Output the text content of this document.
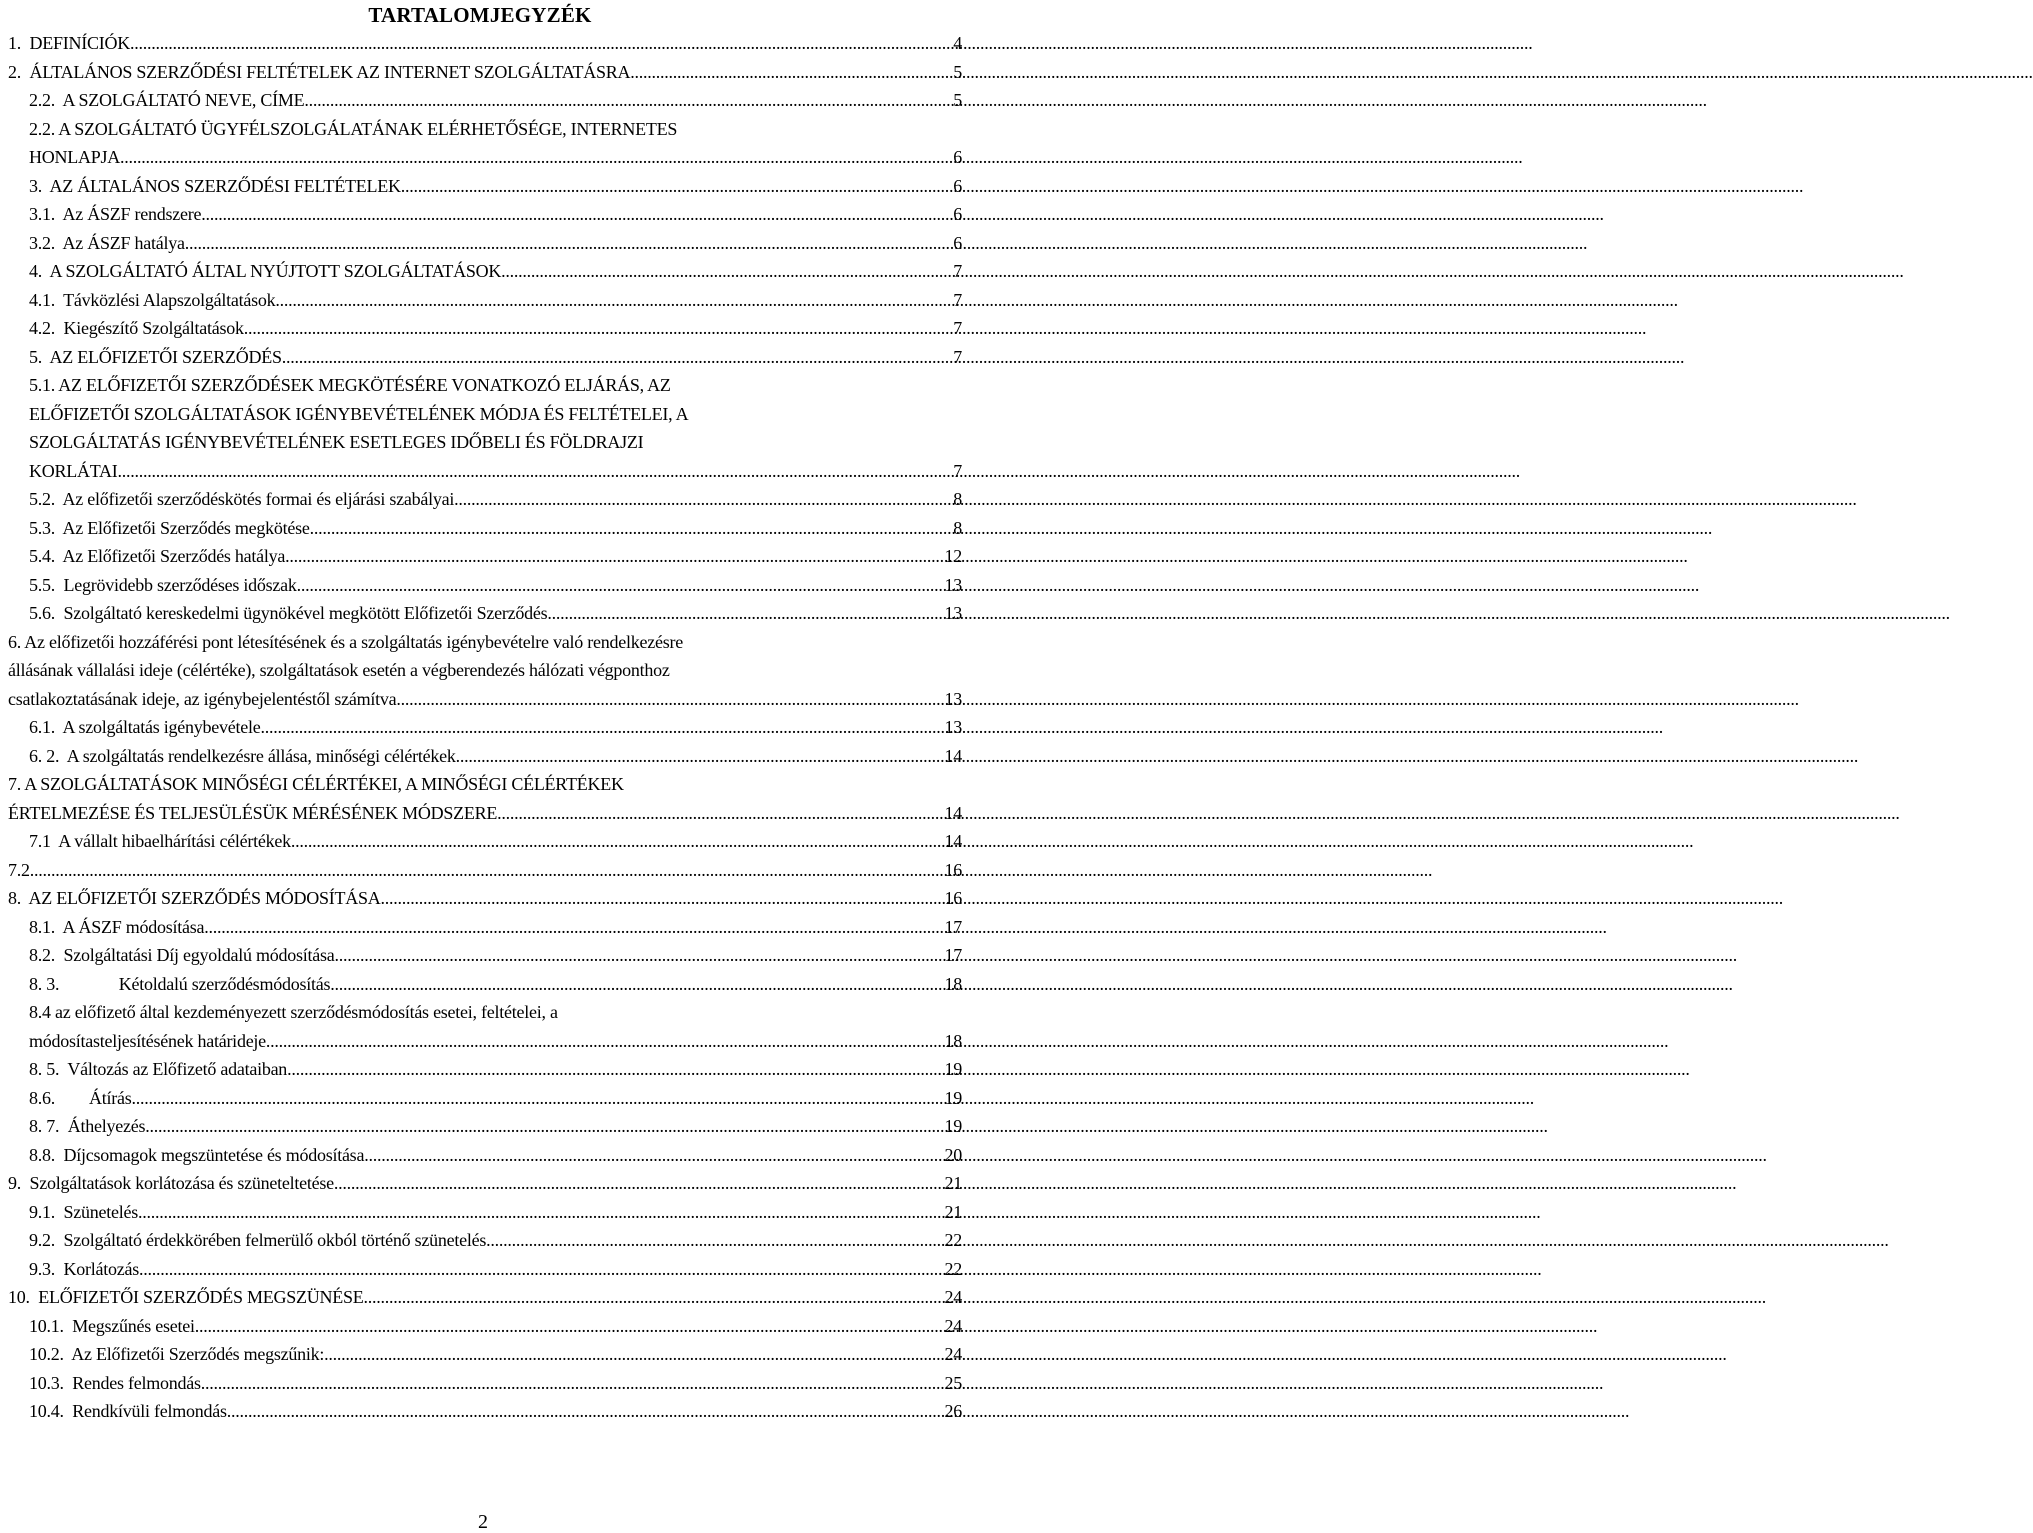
TARTALOMJEGYZÉK
1.  DEFINÍCIÓK .....	4
2.  ÁLTALÁNOS SZERZŐDÉSI FELTÉTELEK AZ INTERNET SZOLGÁLTATÁSRA .....	5
2.2.  A SZOLGÁLTATÓ NEVE, CÍME .....	5
2.2. A SZOLGÁLTATÓ ÜGYFÉLSZOLGÁLATÁNAK ELÉRHETŐSÉGE, INTERNETES
HONLAPJA .....	6
3.  AZ ÁLTALÁNOS SZERZŐDÉSI FELTÉTELEK .....	6
3.1.  Az ÁSZF rendszere .....	6
3.2.  Az ÁSZF hatálya .....	6
4.  A SZOLGÁLTATÓ ÁLTAL NYÚJTOTT SZOLGÁLTATÁSOK .....	7
4.1.  Távközlési Alapszolgáltatások .....	7
4.2.  Kiegészítő Szolgáltatások .....	7
5.  AZ ELŐFIZETŐI SZERZŐDÉS .....	7
5.1. AZ ELŐFIZETŐI SZERZŐDÉSEK MEGKÖTÉSÉRE VONATKOZÓ ELJÁRÁS, AZ
ELŐFIZETŐI SZOLGÁLTATÁSOK IGÉNYBEVÉTELÉNEK MÓDJA ÉS FELTÉTELEI, A
SZOLGÁLTATÁS IGÉNYBEVÉTELÉNEK ESETLEGES IDŐBELI ÉS FÖLDRAJZI
KORLÁTAI .....	7
5.2.  Az előfizetői szerződéskötés formai és eljárási szabályai .....	8
5.3.  Az Előfizetői Szerződés megkötése .....	8
5.4.  Az Előfizetői Szerződés hatálya .....	12
5.5.  Legrövidebb szerződéses időszak .....	13
5.6.  Szolgáltató kereskedelmi ügynökével megkötött Előfizetői Szerződés .....	13
6. Az előfizetői hozzáférési pont létesítésének és a szolgáltatás igénybevételre való rendelkezésre
állásának vállalási ideje (célértéke), szolgáltatások esetén a végberendezés hálózati végponthoz
csatlakoztatásának ideje, az igénybejelentéstől számítva .....	13
6.1.  A szolgáltatás igénybevétele .....	13
6. 2.  A szolgáltatás rendelkezésre állása, minőségi célértékek .....	14
7. A SZOLGÁLTATÁSOK MINŐSÉGI CÉLÉRTÉKEI, A MINŐSÉGI CÉLÉRTÉKEK
ÉRTELMEZÉSE ÉS TELJESÜLÉSÜK MÉRÉSÉNEK MÓDSZERE .....	14
7.1  A vállalt hibaelhárítási célértékek .....	14
7.2 .....	16
8.  AZ ELŐFIZETŐI SZERZŐDÉS MÓDOSÍTÁSA .....	16
8.1.  A ÁSZF módosítása .....	17
8.2.  Szolgáltatási Díj egyoldalú módosítása .....	17
8. 3.              Kétoldalú szerződésmódosítás .....	18
8.4 az előfizető által kezdeményezett szerződésmódosítás esetei, feltételei, a
módosítasteljesítésének határideje .....	18
8. 5.  Változás az Előfizető adataiban .....	19
8.6.        Átírás .....	19
8. 7.  Áthelyezés .....	19
8.8.  Díjcsomagok megszüntetése és módosítása .....	20
9.  Szolgáltatások korlátozása és szüneteltetése .....	21
9.1.  Szünetelés .....	21
9.2.  Szolgáltató érdekkörében felmerülő okból történő szünetelés .....	22
9.3.  Korlátozás .....	22
10.  ELŐFIZETŐI SZERZŐDÉS MEGSZÜNÉSE .....	24
10.1.  Megszűnés esetei .....	24
10.2.  Az Előfizetői Szerződés megszűnik: .....	24
10.3.  Rendes felmondás .....	25
10.4.  Rendkívüli felmondás .....	26
2
